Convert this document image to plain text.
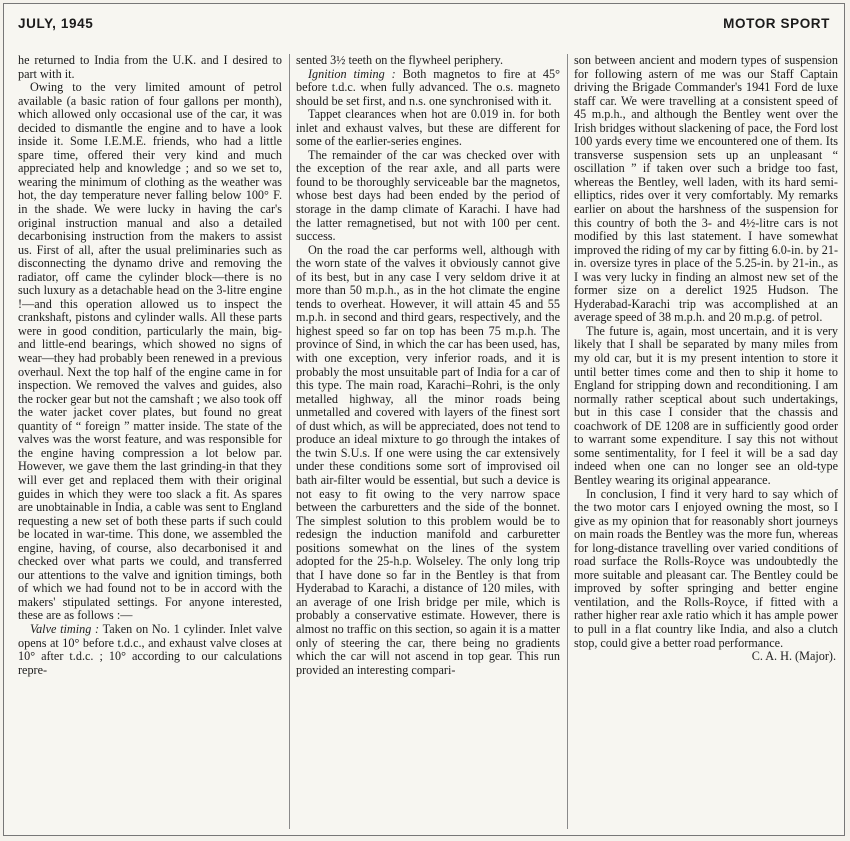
JULY, 1945	MOTOR SPORT

he returned to India from the U.K. and I desired to part with it.

Owing to the very limited amount of petrol available (a basic ration of four gallons per month), which allowed only occasional use of the car, it was decided to dismantle the engine and to have a look inside it. Some I.E.M.E. friends, who had a little spare time, offered their very kind and much appreciated help and knowledge ; and so we set to, wearing the minimum of clothing as the weather was hot, the day temperature never falling below 100° F. in the shade. We were lucky in having the car's original instruction manual and also a detailed decarbonising instruction from the makers to assist us. First of all, after the usual preliminaries such as disconnecting the dynamo drive and removing the radiator, off came the cylinder block—there is no such luxury as a detachable head on the 3-litre engine !—and this operation allowed us to inspect the crankshaft, pistons and cylinder walls. All these parts were in good condition, particularly the main, big- and little-end bearings, which showed no signs of wear—they had probably been renewed in a previous overhaul. Next the top half of the engine came in for inspection. We removed the valves and guides, also the rocker gear but not the camshaft ; we also took off the water jacket cover plates, but found no great quantity of “ foreign ” matter inside. The state of the valves was the worst feature, and was responsible for the engine having compression a lot below par. However, we gave them the last grinding-in that they will ever get and replaced them with their original guides in which they were too slack a fit. As spares are unobtainable in India, a cable was sent to England requesting a new set of both these parts if such could be located in war-time. This done, we assembled the engine, having, of course, also decarbonised it and checked over what parts we could, and transferred our attentions to the valve and ignition timings, both of which we had found not to be in accord with the makers' stipulated settings. For anyone interested, these are as follows :—

Valve timing : Taken on No. 1 cylinder. Inlet valve opens at 10° before t.d.c., and exhaust valve closes at 10° after t.d.c. ; 10° according to our calculations repre-

sented 3½ teeth on the flywheel periphery.

Ignition timing : Both magnetos to fire at 45° before t.d.c. when fully advanced. The o.s. magneto should be set first, and n.s. one synchronised with it.

Tappet clearances when hot are 0.019 in. for both inlet and exhaust valves, but these are different for some of the earlier-series engines.

The remainder of the car was checked over with the exception of the rear axle, and all parts were found to be thoroughly serviceable bar the magnetos, whose best days had been ended by the period of storage in the damp climate of Karachi. I have had the latter remagnetised, but not with 100 per cent. success.

On the road the car performs well, although with the worn state of the valves it obviously cannot give of its best, but in any case I very seldom drive it at more than 50 m.p.h., as in the hot climate the engine tends to overheat. However, it will attain 45 and 55 m.p.h. in second and third gears, respectively, and the highest speed so far on top has been 75 m.p.h. The province of Sind, in which the car has been used, has, with one exception, very inferior roads, and it is probably the most unsuitable part of India for a car of this type. The main road, Karachi–Rohri, is the only metalled highway, all the minor roads being unmetalled and covered with layers of the finest sort of dust which, as will be appreciated, does not tend to produce an ideal mixture to go through the intakes of the twin S.U.s. If one were using the car extensively under these conditions some sort of improvised oil bath air-filter would be essential, but such a device is not easy to fit owing to the very narrow space between the carburetters and the side of the bonnet. The simplest solution to this problem would be to redesign the induction manifold and carburetter positions somewhat on the lines of the system adopted for the 25-h.p. Wolseley. The only long trip that I have done so far in the Bentley is that from Hyderabad to Karachi, a distance of 120 miles, with an average of one Irish bridge per mile, which is probably a conservative estimate. However, there is almost no traffic on this section, so again it is a matter only of steering the car, there being no gradients which the car will not ascend in top gear. This run provided an interesting compari-

son between ancient and modern types of suspension for following astern of me was our Staff Captain driving the Brigade Commander's 1941 Ford de luxe staff car. We were travelling at a consistent speed of 45 m.p.h., and although the Bentley went over the Irish bridges without slackening of pace, the Ford lost 100 yards every time we encountered one of them. Its transverse suspension sets up an unpleasant “ oscillation ” if taken over such a bridge too fast, whereas the Bentley, well laden, with its hard semi-elliptics, rides over it very comfortably. My remarks earlier on about the harshness of the suspension for this country of both the 3- and 4½-litre cars is not modified by this last statement. I have somewhat improved the riding of my car by fitting 6.0-in. by 21-in. oversize tyres in place of the 5.25-in. by 21-in., as I was very lucky in finding an almost new set of the former size on a derelict 1925 Hudson. The Hyderabad-Karachi trip was accomplished at an average speed of 38 m.p.h. and 20 m.p.g. of petrol.

The future is, again, most uncertain, and it is very likely that I shall be separated by many miles from my old car, but it is my present intention to store it until better times come and then to ship it home to England for stripping down and reconditioning. I am normally rather sceptical about such undertakings, but in this case I consider that the chassis and coachwork of DE 1208 are in sufficiently good order to warrant some expenditure. I say this not without some sentimentality, for I feel it will be a sad day indeed when one can no longer see an old-type Bentley wearing its original appearance.

In conclusion, I find it very hard to say which of the two motor cars I enjoyed owning the most, so I give as my opinion that for reasonably short journeys on main roads the Bentley was the more fun, whereas for long-distance travelling over varied conditions of road surface the Rolls-Royce was undoubtedly the more suitable and pleasant car. The Bentley could be improved by softer springing and better engine ventilation, and the Rolls-Royce, if fitted with a rather higher rear axle ratio which it has ample power to pull in a flat country like India, and also a clutch stop, could give a better road performance.

C. A. H. (Major).
